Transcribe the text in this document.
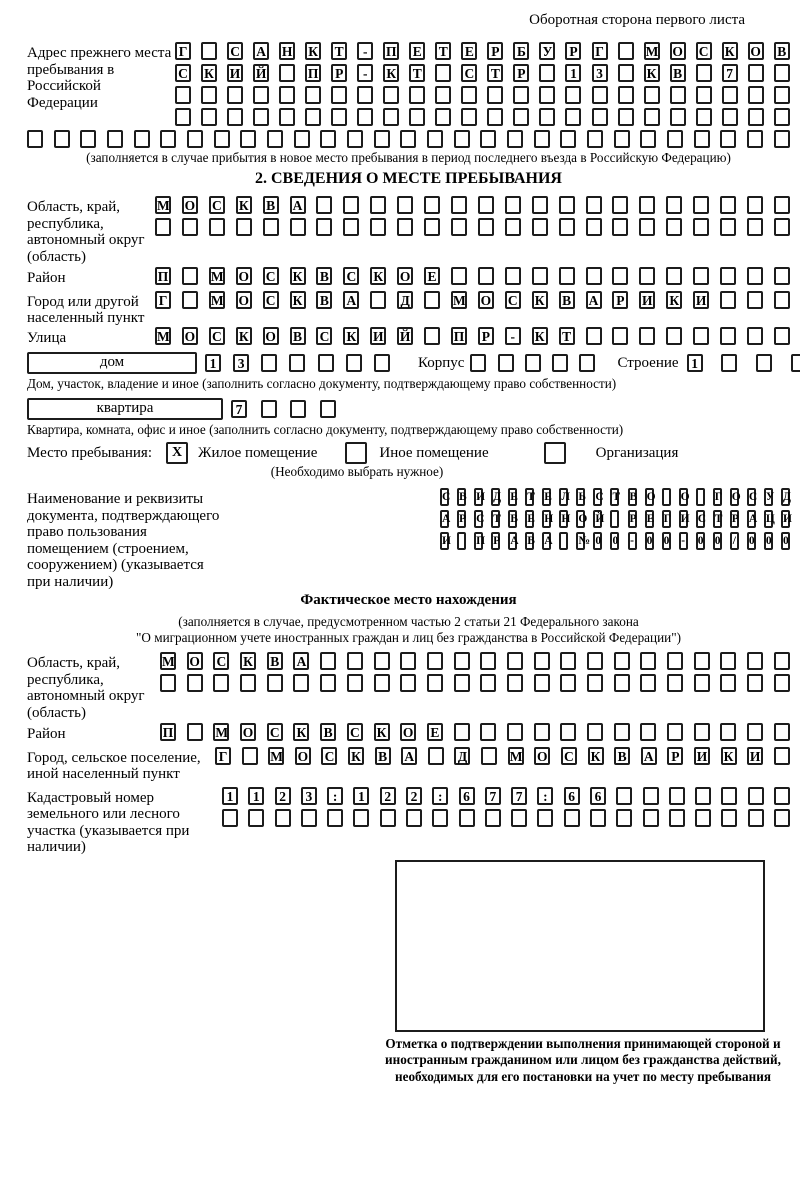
Оборотная сторона первого листа
Адрес прежнего места пребывания в Российской Федерации
Г	С А Н К Т	-	П Е Т Е Р Б У Р Г	М О С К О В
С К И Й	П Р	-	К Т	С Т Р	1	3	К В	7
(заполняется в случае прибытия в новое место пребывания в период последнего въезда в Российскую Федерацию)
2. СВЕДЕНИЯ О МЕСТЕ ПРЕБЫВАНИЯ
Область, край, республика, автономный округ (область)
М О С К В А
Район	П	М О С К В С К О Е
Город или другой населенный пункт
Г	М О С К В А	Д	М О С К В А Р И К И
Улица	М О С К О В С К И Й	П Р	-	К Т
дом	1	3	Корпус	Строение 1
Дом, участок, владение и иное (заполнить согласно документу, подтверждающему право собственности)
квартира	7
Квартира, комната, офис и иное (заполнить согласно документу, подтверждающему право собственности)
Место пребывания:	X	Жилое помещение	Иное помещение	Организация
(Необходимо выбрать нужное)
Наименование и реквизиты документа, подтверждающего право пользования помещением (строением, сооружением) (указывается при наличии)
С В И Д Е Т Е Л Ь С Т В О О Г О С У Д
А Р С Т В Е Н Н О Й Р Е Г И С Т Р А Ц И
И П Р А В А № 0 0 - 0 0 - 0 0 / 0 0 0
Фактическое место нахождения
(заполняется в случае, предусмотренном частью 2 статьи 21 Федерального закона
"О миграционном учете иностранных граждан и лиц без гражданства в Российской Федерации")
Область, край, республика, автономный округ (область)
М О С К В А
Район	П	М О С К В С К О Е
Город, сельское поселение, иной населенный пункт
Г	М О С К В А	Д	М О С К В А Р И К И
Кадастровый номер земельного или лесного участка (указывается при наличии)
1	1	2	3	:	1	2	2	:	6	7	7	:	6	6
Отметка о подтверждении выполнения принимающей стороной и иностранным гражданином или лицом без гражданства действий, необходимых для его постановки на учет по месту пребывания
